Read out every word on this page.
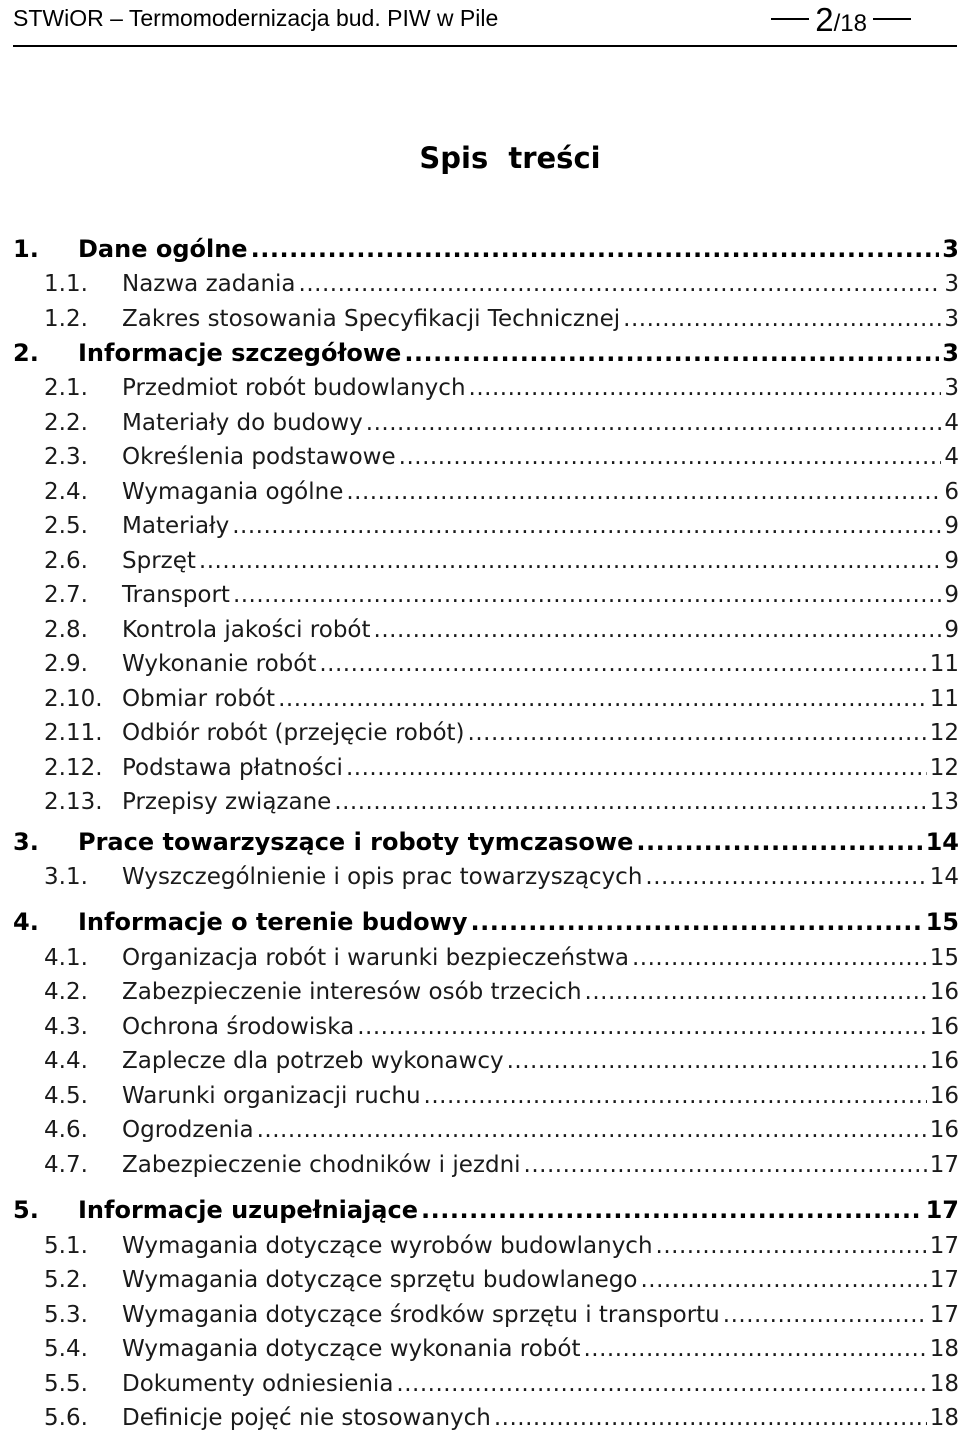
STWiOR – Termomodernizacja bud. PIW w Pile	2 /18
Spis treści
1.	Dane ogólne .....	3
1.1.	Nazwa zadania .....	3
1.2.	Zakres stosowania Specyfikacji Technicznej .....	3
2.	Informacje szczegółowe .....	3
2.1.	Przedmiot robót budowlanych .....	3
2.2.	Materiały do budowy .....	4
2.3.	Określenia podstawowe .....	4
2.4.	Wymagania ogólne .....	6
2.5.	Materiały .....	9
2.6.	Sprzęt .....	9
2.7.	Transport .....	9
2.8.	Kontrola jakości robót .....	9
2.9.	Wykonanie robót .....	11
2.10. Obmiar robót .....	11
2.11. Odbiór robót (przejęcie robót) .....	12
2.12. Podstawa płatności .....	12
2.13. Przepisy związane .....	13
3.	Prace towarzyszące i roboty tymczasowe .....	14
3.1.	Wyszczególnienie i opis prac towarzyszących .....	14
4.	Informacje o terenie budowy .....	15
4.1.	Organizacja robót i warunki bezpieczeństwa .....	15
4.2.	Zabezpieczenie interesów osób trzecich .....	16
4.3.	Ochrona środowiska .....	16
4.4.	Zaplecze dla potrzeb wykonawcy .....	16
4.5.	Warunki organizacji ruchu .....	16
4.6.	Ogrodzenia .....	16
4.7.	Zabezpieczenie chodników i jezdni .....	17
5.	Informacje uzupełniające .....	17
5.1.	Wymagania dotyczące wyrobów budowlanych .....	17
5.2.	Wymagania dotyczące sprzętu budowlanego .....	17
5.3.	Wymagania dotyczące środków sprzętu i transportu .....	17
5.4.	Wymagania dotyczące wykonania robót .....	18
5.5.	Dokumenty odniesienia .....	18
5.6.	Definicje pojęć nie stosowanych .....	18
